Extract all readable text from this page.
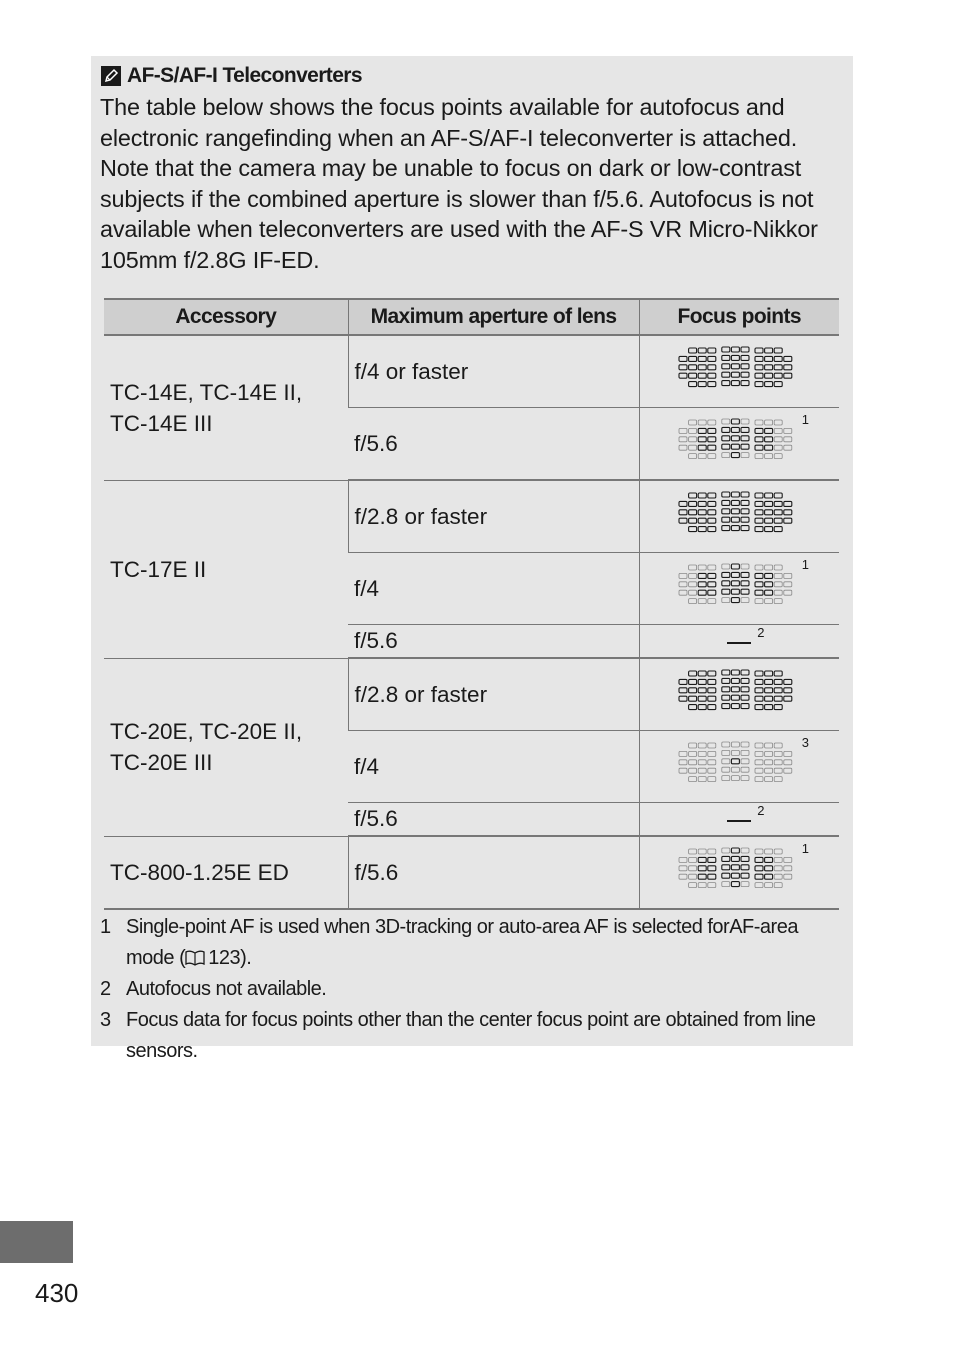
AF-S/AF-I Teleconverters
The table below shows the focus points available for autofocus and electronic rangefinding when an AF-S/AF-I teleconverter is attached. Note that the camera may be unable to focus on dark or low-contrast subjects if the combined aperture is slower than f/5.6. Autofocus is not available when teleconverters are used with the AF-S VR Micro-Nikkor 105mm f/2.8G IF-ED.
Accessory	Maximum aperture of lens	Focus points
TC-14E, TC-14E II, TC-14E III	f/4 or faster	

	f/5.6	1

TC-17E II	f/2.8 or faster	

	f/4	1

	f/5.6	2

TC-20E, TC-20E II, TC-20E III	f/2.8 or faster	

	f/4	3

	f/5.6	2

TC-800-1.25E ED	f/5.6	1
1 Single-point AF is used when 3D-tracking or auto-area AF is selected forAF-area mode ( 123).
2 Autofocus not available.
3 Focus data for focus points other than the center focus point are obtained from line sensors.
430
